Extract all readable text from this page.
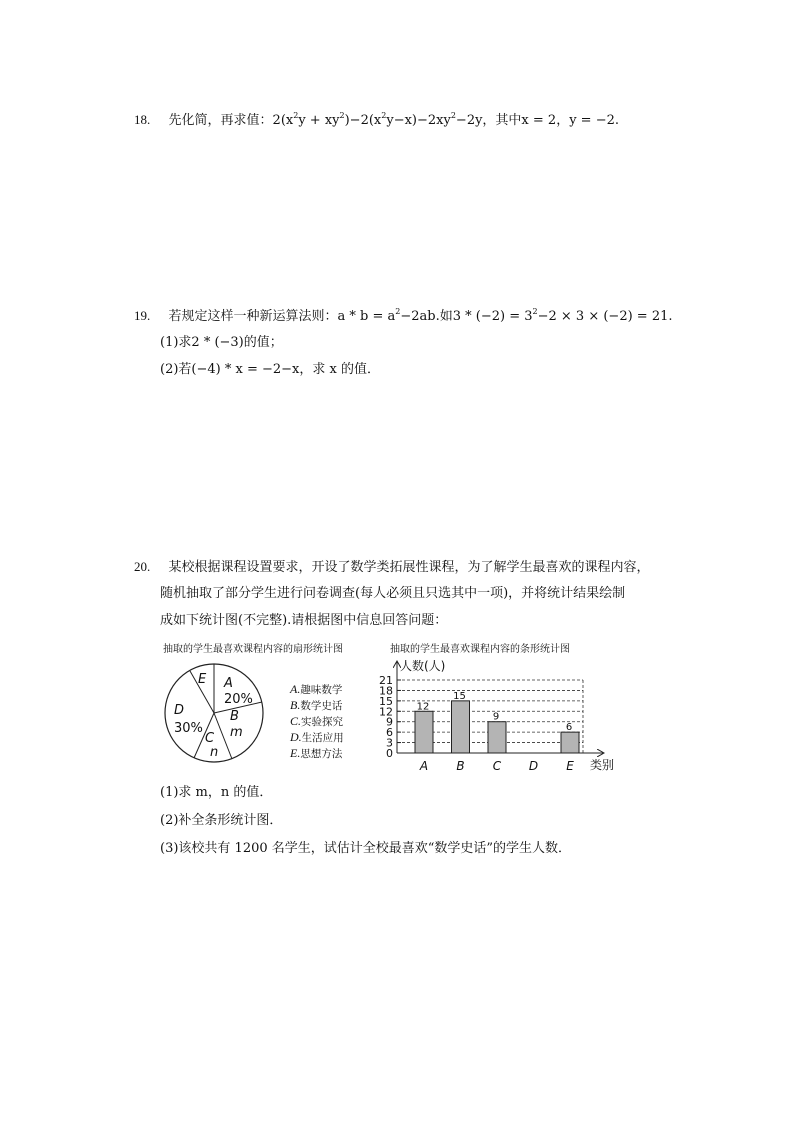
18. 先化简，再求值：$2(x^2y + xy^2)-2(x^2y-x)-2xy^2-2y$，其中x = 2，y = −2.
19. 若规定这样一种新运算法则：$a * b = a^2-2ab$.如$3 * (-2) = 3^2-2 \times 3 \times (-2) = 21$.
(1)求2 * (−3)的值；
(2)若(−4) * x = −2−x，求 x 的值．
20. 某校根据课程设置要求，开设了数学类拓展性课程，为了解学生最喜欢的课程内容，
随机抽取了部分学生进行问卷调查(每人必须且只选其中一项)，并将统计结果绘制
成如下统计图(不完整).请根据图中信息回答问题：
抽取的学生最喜欢课程内容的扇形统计图	抽取的学生最喜欢课程内容的条形统计图
E A
20%
B
m
D
30%
C
n
A.趣味数学
B.数学史话
C.实验探究
D.生活应用
E.思想方法	0
3
6
9
12
15
18
21
12
15
9
6
A B C D E
人数(人)
类别
(1)求 m，n 的值．
(2)补全条形统计图．
(3)该校共有 1200 名学生，试估计全校最喜欢“数学史话”的学生人数．
